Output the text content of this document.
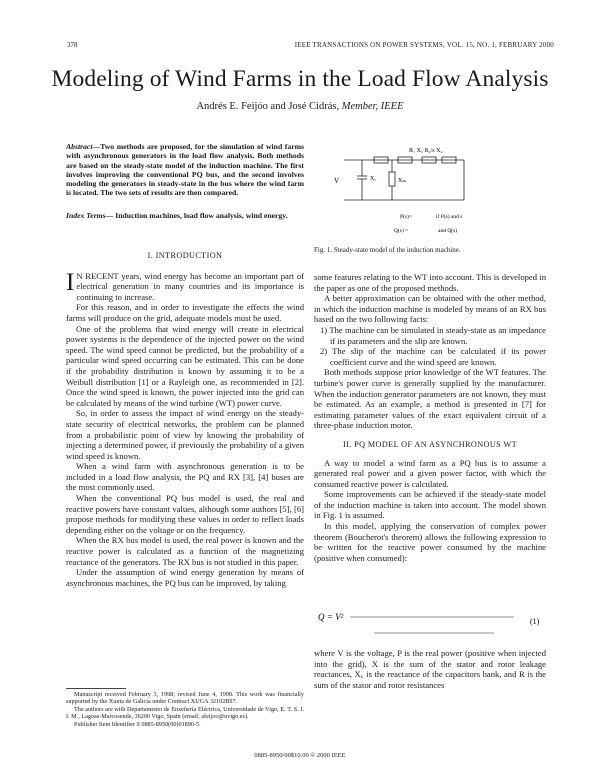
378	IEEE TRANSACTIONS ON POWER SYSTEMS, VOL. 15, NO. 1, FEBRUARY 2000
Modeling of Wind Farms in the Load Flow Analysis
Andrés E. Feijóo and José Cidrás, Member, IEEE
Abstract—Two methods are proposed, for the simulation of wind farms with asynchronous generators in the load flow analysis. Both methods are based on the steady-state model of the induction machine. The first involves improving the conventional PQ bus, and the second involves modeling the generators in steady-state in the bus where the wind farm is located. The two sets of results are then compared.
Index Terms— Induction machines, load flow analysis, wind energy.

I. INTRODUCTION

I N RECENT years, wind energy has become an important part of electrical generation in many countries and its importance is continuing to increase.

For this reason, and in order to investigate the effects the wind farms will produce on the grid, adequate models must be used.

One of the problems that wind energy will create in electrical power systems is the dependence of the injected power on the wind speed. The wind speed cannot be predicted, but the probability of a particular wind speed occurring can be estimated. This can be done if the probability distribution is known by assuming it to be a Weibull distribution [1] or a Rayleigh one, as recommended in [2]. Once the wind speed is known, the power injected into the grid can be calculated by means of the wind turbine (WT) power curve.

So, in order to assess the impact of wind energy on the steady-state security of electrical networks, the problem can be planned from a probabilistic point of view by knowing the probability of injecting a determined power, if previously the probability of a given wind speed is known.

When a wind farm with asynchronous generation is to be included in a load flow analysis, the PQ and RX [3], [4] buses are the most commonly used.

When the conventional PQ bus model is used, the real and reactive powers have constant values, although some authors [5], [6] propose methods for modifying these values in order to reflect loads depending either on the voltage or on the frequency.

When the RX bus model is used, the real power is known and the reactive power is calculated as a function of the magnetizing reactance of the generators. The RX bus is not studied in this paper.

Under the assumption of wind energy generation by means of asynchronous machines, the PQ bus can be improved, by taking

Manuscript received February 3, 1998; revised June 4, 1998. This work was financially supported by the Xunta de Galicia under Contract XUGA 32102B97.
The authors are with Departamento de Enxeñería Eléctrica, Universidade de Vigo, E. T. S. I. I. M., Lagoas-Marcosende, 36200 Vigo, Spain (email: afeijoo@uvigo.es).
Publisher Item Identifier S 0885-8950(00)01890-5.
R₁ X₁ R₂/s X₂
V	X꜀	Xₘ
P(s)=	if P(s) and s
Q(s) =	and Q(s)
Fig. 1. Steady-state model of the induction machine.

some features relating to the WT into account. This is developed in the paper as one of the proposed methods.

A better approximation can be obtained with the other method, in which the induction machine is modeled by means of an RX bus based on the two following facts:

1) The machine can be simulated in steady-state as an impedance if its parameters and the slip are known.
2) The slip of the machine can be calculated if its power coefficient curve and the wind speed are known.

Both methods suppose prior knowledge of the WT features. The turbine's power curve is generally supplied by the manufacturer. When the induction generator parameters are not known, they must be estimated. As an example, a method is presented in [7] for estimating parameter values of the exact equivalent circuit of a three-phase induction motor.

II. PQ MODEL OF AN ASYNCHRONOUS WT

A way to model a wind farm as a PQ bus is to assume a generated real power and a given power factor, with which the consumed reactive power is calculated.

Some improvements can be achieved if the steady-state model of the induction machine is taken into account. The model shown in Fig. 1 is assumed.

In this model, applying the conservation of complex power theorem (Boucherot's theorem) allows the following expression to be written for the reactive power consumed by the machine (positive when consumed):

Q = V²	(1)

where V is the voltage, P is the real power (positive when injected into the grid), X is the sum of the stator and rotor leakage reactances, X꜀ is the reactance of the capacitors bank, and R is the sum of the stator and rotor resistances

0885-8950/00$10.00 © 2000 IEEE
